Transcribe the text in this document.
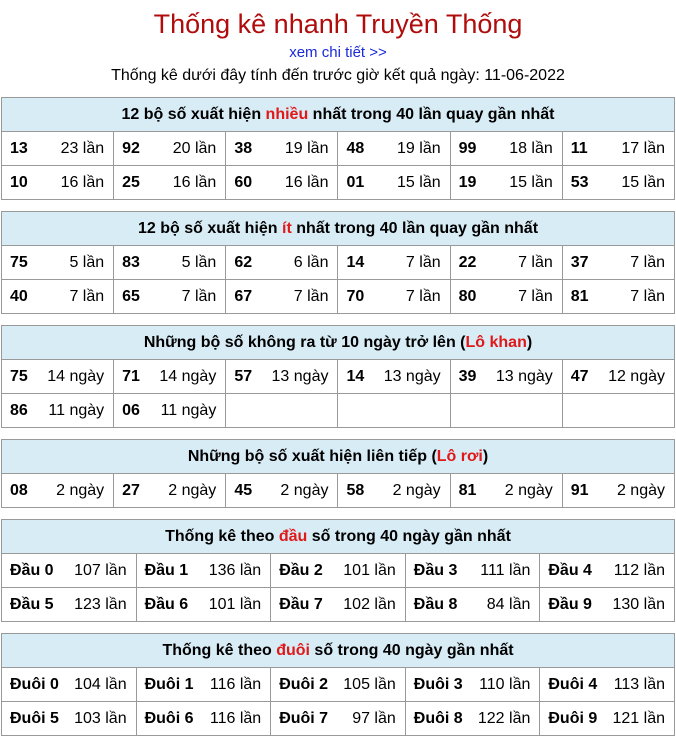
Thống kê nhanh Truyền Thống
xem chi tiết >>
Thống kê dưới đây tính đến trước giờ kết quả ngày: 11-06-2022
12 bộ số xuất hiện nhiều nhất trong 40 lần quay gần nhất					

13 23 lần	92 20 lần	38 19 lần	48 19 lần	99 18 lần	11 17 lần

10 16 lần	25 16 lần	60 16 lần	01 15 lần	19 15 lần	53 15 lần
12 bộ số xuất hiện ít nhất trong 40 lần quay gần nhất					

75 5 lần	83 5 lần	62 6 lần	14 7 lần	22 7 lần	37 7 lần

40 7 lần	65 7 lần	67 7 lần	70 7 lần	80 7 lần	81 7 lần
Những bộ số không ra từ 10 ngày trở lên (Lô khan)					

75 14 ngày	71 14 ngày	57 13 ngày	14 13 ngày	39 13 ngày	47 12 ngày

86 11 ngày	06 11 ngày				

Những bộ số xuất hiện liên tiếp (Lô rơi)

08 2 ngày	27 2 ngày	45 2 ngày	58 2 ngày	81 2 ngày	91 2 ngày
Thống kê theo đầu số trong 40 ngày gần nhất				

Đầu 0 107 lần	Đầu 1 136 lần	Đầu 2 101 lần	Đầu 3 111 lần	Đầu 4 112 lần

Đầu 5 123 lần	Đầu 6 101 lần	Đầu 7 102 lần	Đầu 8 84 lần	Đầu 9 130 lần
Thống kê theo đuôi số trong 40 ngày gần nhất				

Đuôi 0 104 lần	Đuôi 1 116 lần	Đuôi 2 105 lần	Đuôi 3 110 lần	Đuôi 4 113 lần

Đuôi 5 103 lần	Đuôi 6 116 lần	Đuôi 7 97 lần	Đuôi 8 122 lần	Đuôi 9 121 lần
